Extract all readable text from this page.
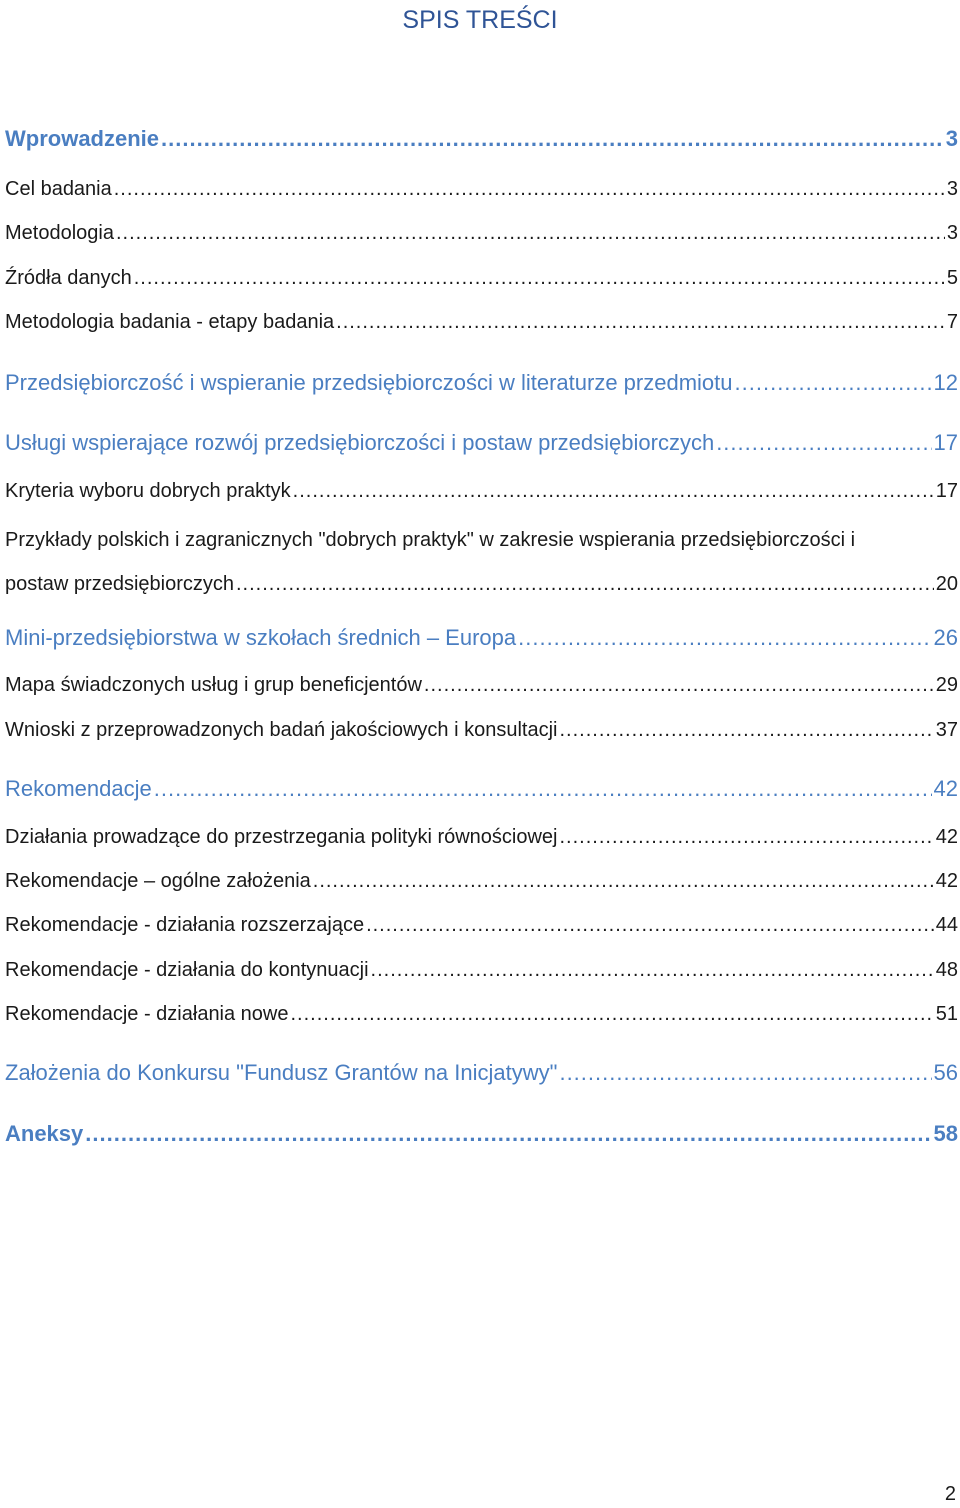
SPIS TREŚCI
Wprowadzenie .....	3
Cel badania .....	3
Metodologia .....	3
Źródła danych .....	5
Metodologia badania - etapy badania .....	7
Przedsiębiorczość i wspieranie przedsiębiorczości w literaturze przedmiotu .....	12
Usługi wspierające rozwój przedsiębiorczości i postaw przedsiębiorczych .....	17
Kryteria wyboru dobrych praktyk .....	17
Przykłady polskich i zagranicznych "dobrych praktyk" w zakresie wspierania przedsiębiorczości i
postaw przedsiębiorczych .....	20
Mini-przedsiębiorstwa w szkołach średnich – Europa .....	26
Mapa świadczonych usług i grup beneficjentów .....	29
Wnioski z przeprowadzonych badań jakościowych i konsultacji .....	37
Rekomendacje .....	42
Działania prowadzące do przestrzegania polityki równościowej .....	42
Rekomendacje – ogólne założenia .....	42
Rekomendacje - działania rozszerzające .....	44
Rekomendacje - działania do kontynuacji .....	48
Rekomendacje - działania nowe .....	51
Założenia do Konkursu "Fundusz Grantów na Inicjatywy" .....	56
Aneksy .....	58
2
